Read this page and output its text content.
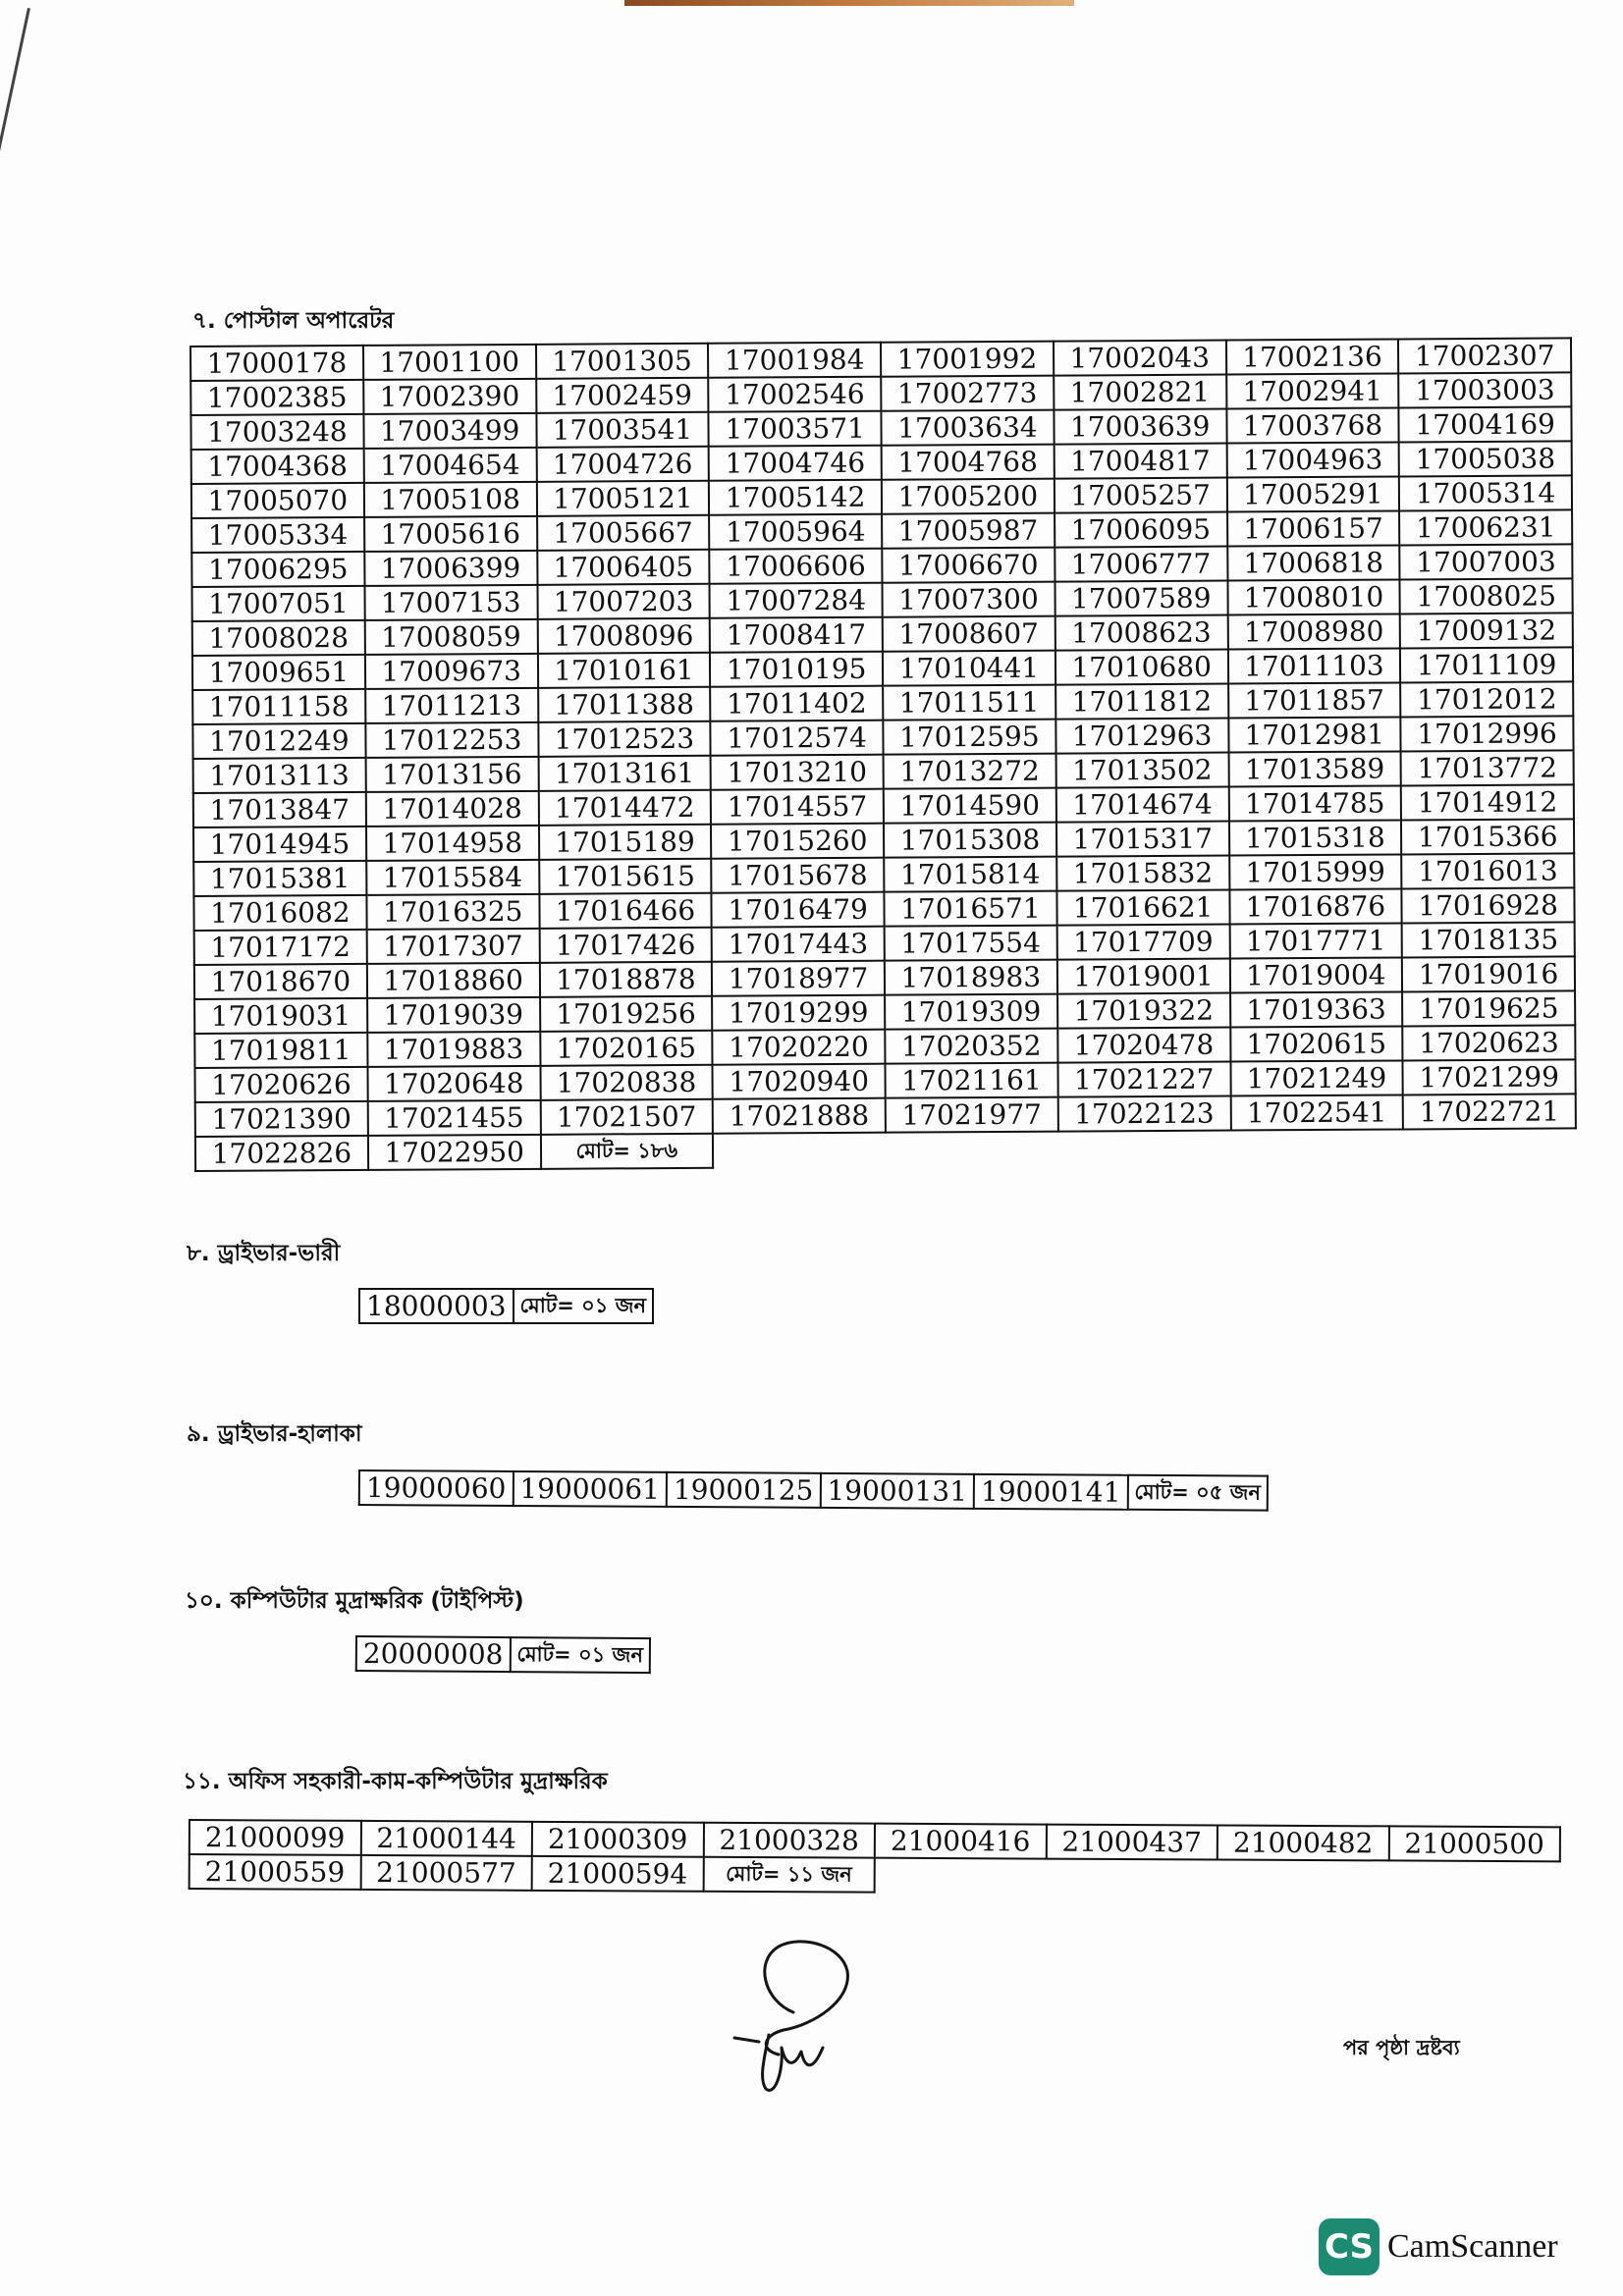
৭. পোস্টাল অপারেটর
17000178	17001100	17001305	17001984	17001992	17002043	17002136	17002307
17002385	17002390	17002459	17002546	17002773	17002821	17002941	17003003
17003248	17003499	17003541	17003571	17003634	17003639	17003768	17004169
17004368	17004654	17004726	17004746	17004768	17004817	17004963	17005038
17005070	17005108	17005121	17005142	17005200	17005257	17005291	17005314
17005334	17005616	17005667	17005964	17005987	17006095	17006157	17006231
17006295	17006399	17006405	17006606	17006670	17006777	17006818	17007003
17007051	17007153	17007203	17007284	17007300	17007589	17008010	17008025
17008028	17008059	17008096	17008417	17008607	17008623	17008980	17009132
17009651	17009673	17010161	17010195	17010441	17010680	17011103	17011109
17011158	17011213	17011388	17011402	17011511	17011812	17011857	17012012
17012249	17012253	17012523	17012574	17012595	17012963	17012981	17012996
17013113	17013156	17013161	17013210	17013272	17013502	17013589	17013772
17013847	17014028	17014472	17014557	17014590	17014674	17014785	17014912
17014945	17014958	17015189	17015260	17015308	17015317	17015318	17015366
17015381	17015584	17015615	17015678	17015814	17015832	17015999	17016013
17016082	17016325	17016466	17016479	17016571	17016621	17016876	17016928
17017172	17017307	17017426	17017443	17017554	17017709	17017771	17018135
17018670	17018860	17018878	17018977	17018983	17019001	17019004	17019016
17019031	17019039	17019256	17019299	17019309	17019322	17019363	17019625
17019811	17019883	17020165	17020220	17020352	17020478	17020615	17020623
17020626	17020648	17020838	17020940	17021161	17021227	17021249	17021299
17021390	17021455	17021507	17021888	17021977	17022123	17022541	17022721
17022826	17022950	মোট= ১৮৬					
৮. ড্রাইভার-ভারী
18000003	মোট= ০১ জন
৯. ড্রাইভার-হালাকা
19000060	19000061	19000125	19000131	19000141	মোট= ০৫ জন
১০. কম্পিউটার মুদ্রাক্ষরিক (টাইপিস্ট)
20000008	মোট= ০১ জন
১১. অফিস সহকারী-কাম-কম্পিউটার মুদ্রাক্ষরিক
21000099	21000144	21000309	21000328	21000416	21000437	21000482	21000500
21000559	21000577	21000594	মোট= ১১ জন				
পর পৃষ্ঠা দ্রষ্টব্য
CS CamScanner
